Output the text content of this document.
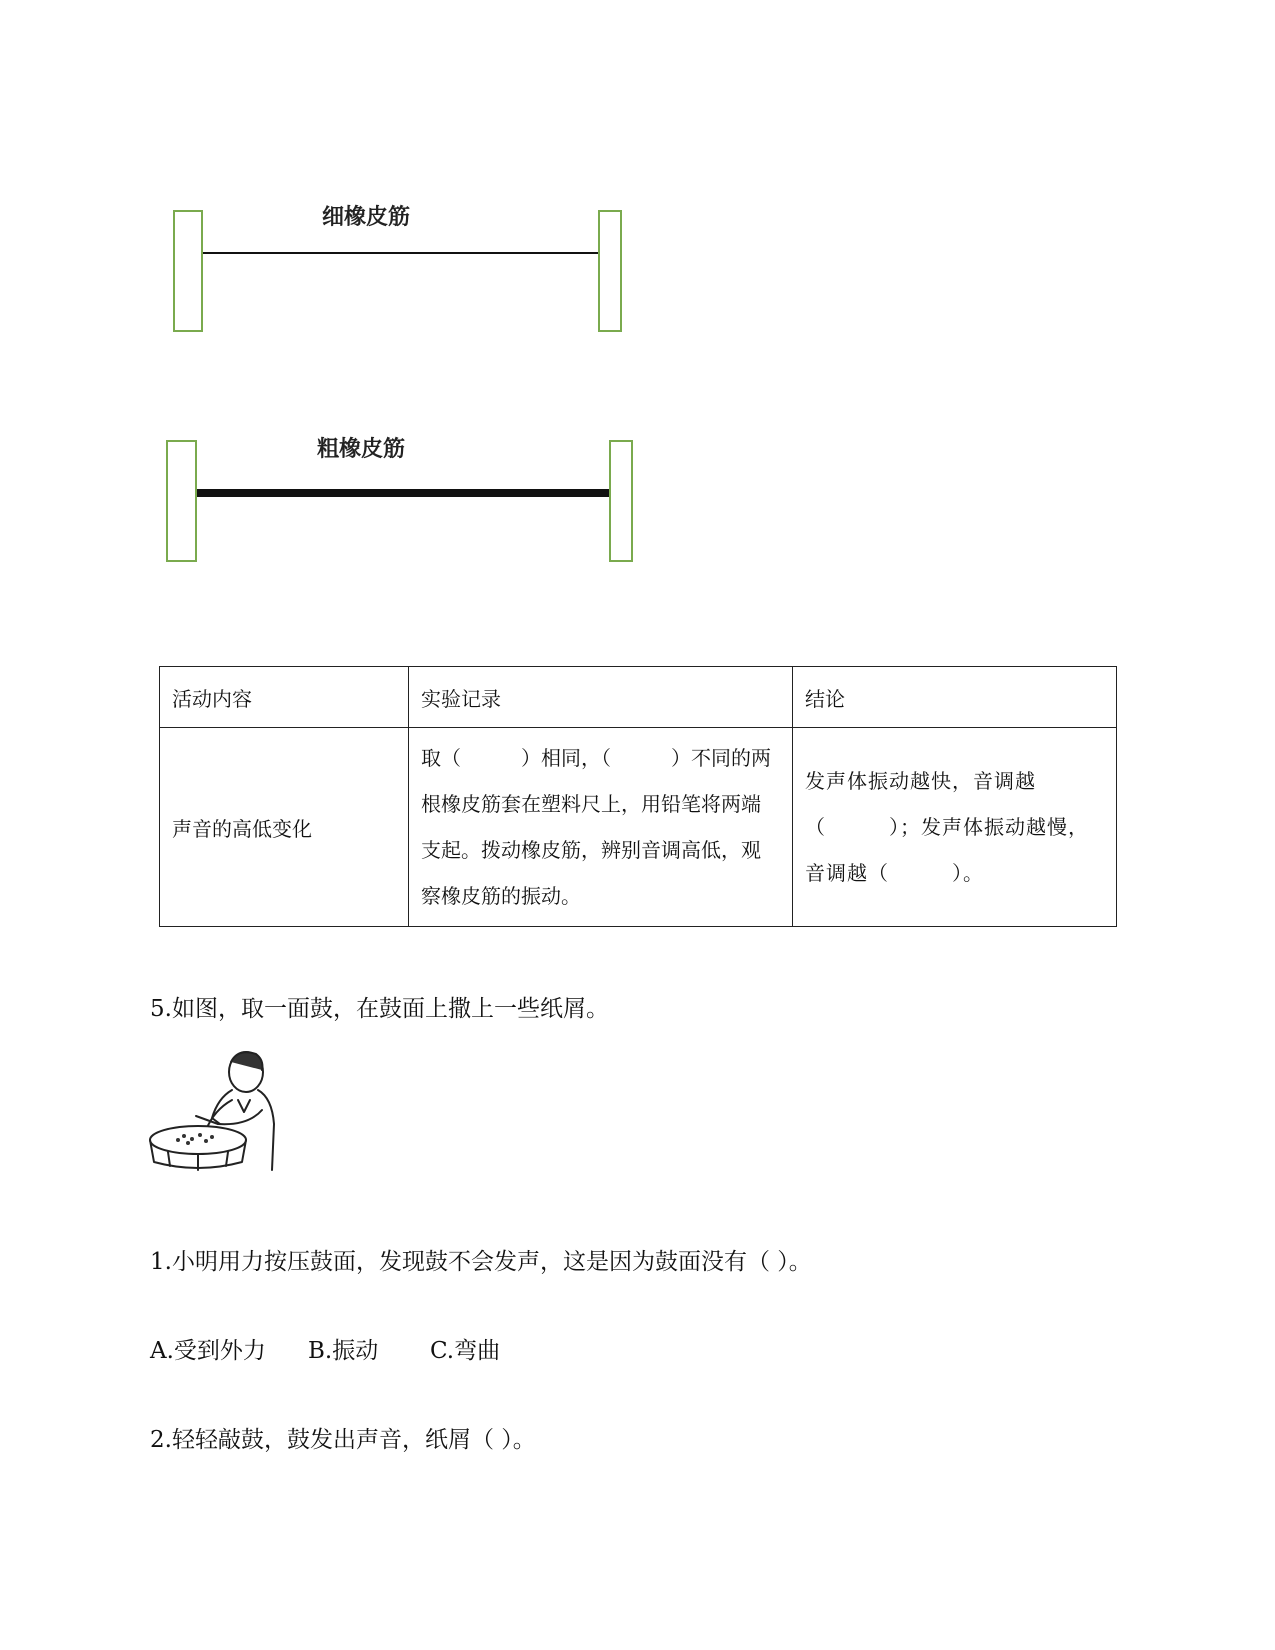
细橡皮筋
粗橡皮筋
活动内容	实验记录	结论
声音的高低变化	取（　　　）相同，（　　　）不同的两根橡皮筋套在塑料尺上，用铅笔将两端支起。拨动橡皮筋，辨别音调高低，观察橡皮筋的振动。	发声体振动越快，音调越（　　　）；发声体振动越慢，音调越（　　　）。
5.如图，取一面鼓，在鼓面上撒上一些纸屑。
1.小明用力按压鼓面，发现鼓不会发声，这是因为鼓面没有（ ）。
A.受到外力 B.振动 C.弯曲
2.轻轻敲鼓，鼓发出声音，纸屑（ ）。
